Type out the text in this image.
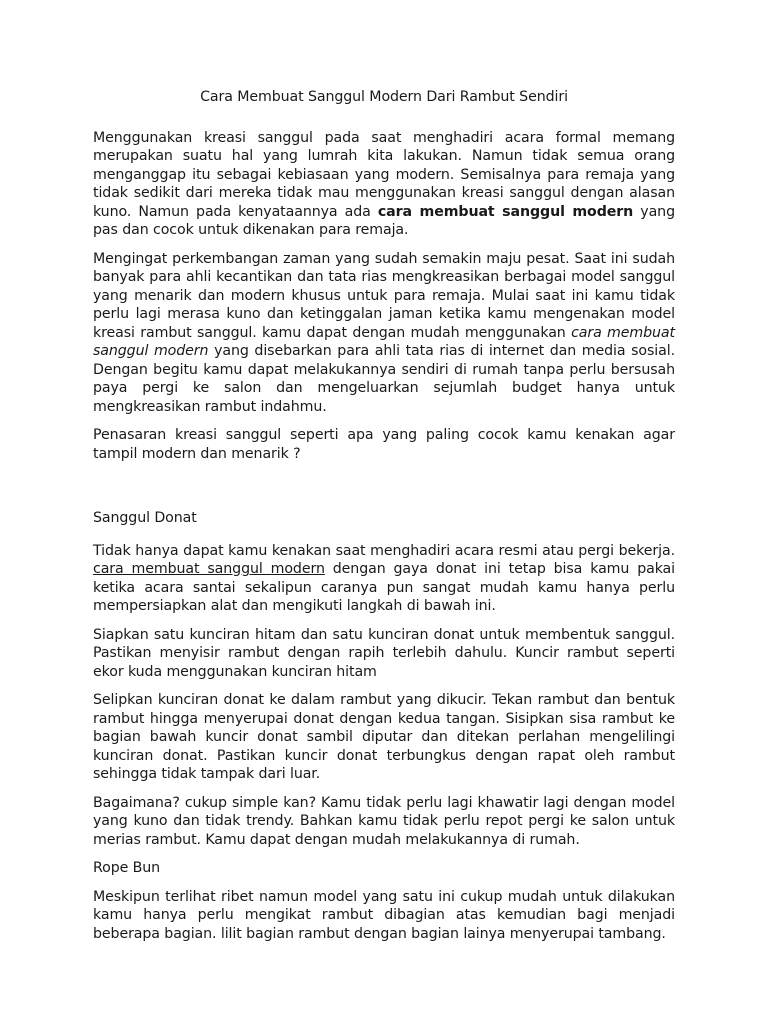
Cara Membuat Sanggul Modern Dari Rambut Sendiri

Menggunakan kreasi sanggul pada saat menghadiri acara formal memang merupakan suatu hal yang lumrah kita lakukan. Namun tidak semua orang menganggap itu sebagai kebiasaan yang modern. Semisalnya para remaja yang tidak sedikit dari mereka tidak mau menggunakan kreasi sanggul dengan alasan kuno. Namun pada kenyataannya ada cara membuat sanggul modern yang pas dan cocok untuk dikenakan para remaja.

Mengingat perkembangan zaman yang sudah semakin maju pesat. Saat ini sudah banyak para ahli kecantikan dan tata rias mengkreasikan berbagai model sanggul yang menarik dan modern khusus untuk para remaja. Mulai saat ini kamu tidak perlu lagi merasa kuno dan ketinggalan jaman ketika kamu mengenakan model kreasi rambut sanggul. kamu dapat dengan mudah menggunakan cara membuat sanggul modern yang disebarkan para ahli tata rias di internet dan media sosial. Dengan begitu kamu dapat melakukannya sendiri di rumah tanpa perlu bersusah paya pergi ke salon dan mengeluarkan sejumlah budget hanya untuk mengkreasikan rambut indahmu.

Penasaran kreasi sanggul seperti apa yang paling cocok kamu kenakan agar tampil modern dan menarik ?

Sanggul Donat

Tidak hanya dapat kamu kenakan saat menghadiri acara resmi atau pergi bekerja. cara membuat sanggul modern dengan gaya donat ini tetap bisa kamu pakai ketika acara santai sekalipun caranya pun sangat mudah kamu hanya perlu mempersiapkan alat dan mengikuti langkah di bawah ini.

Siapkan satu kunciran hitam dan satu kunciran donat untuk membentuk sanggul. Pastikan menyisir rambut dengan rapih terlebih dahulu. Kuncir rambut seperti ekor kuda menggunakan kunciran hitam

Selipkan kunciran donat ke dalam rambut yang dikucir. Tekan rambut dan bentuk rambut hingga menyerupai donat dengan kedua tangan. Sisipkan sisa rambut ke bagian bawah kuncir donat sambil diputar dan ditekan perlahan mengelilingi kunciran donat. Pastikan kuncir donat terbungkus dengan rapat oleh rambut sehingga tidak tampak dari luar.

Bagaimana? cukup simple kan? Kamu tidak perlu lagi khawatir lagi dengan model yang kuno dan tidak trendy. Bahkan kamu tidak perlu repot pergi ke salon untuk merias rambut. Kamu dapat dengan mudah melakukannya di rumah.

Rope Bun

Meskipun terlihat ribet namun model yang satu ini cukup mudah untuk dilakukan kamu hanya perlu mengikat rambut dibagian atas kemudian bagi menjadi beberapa bagian. lilit bagian rambut dengan bagian lainya menyerupai tambang.
